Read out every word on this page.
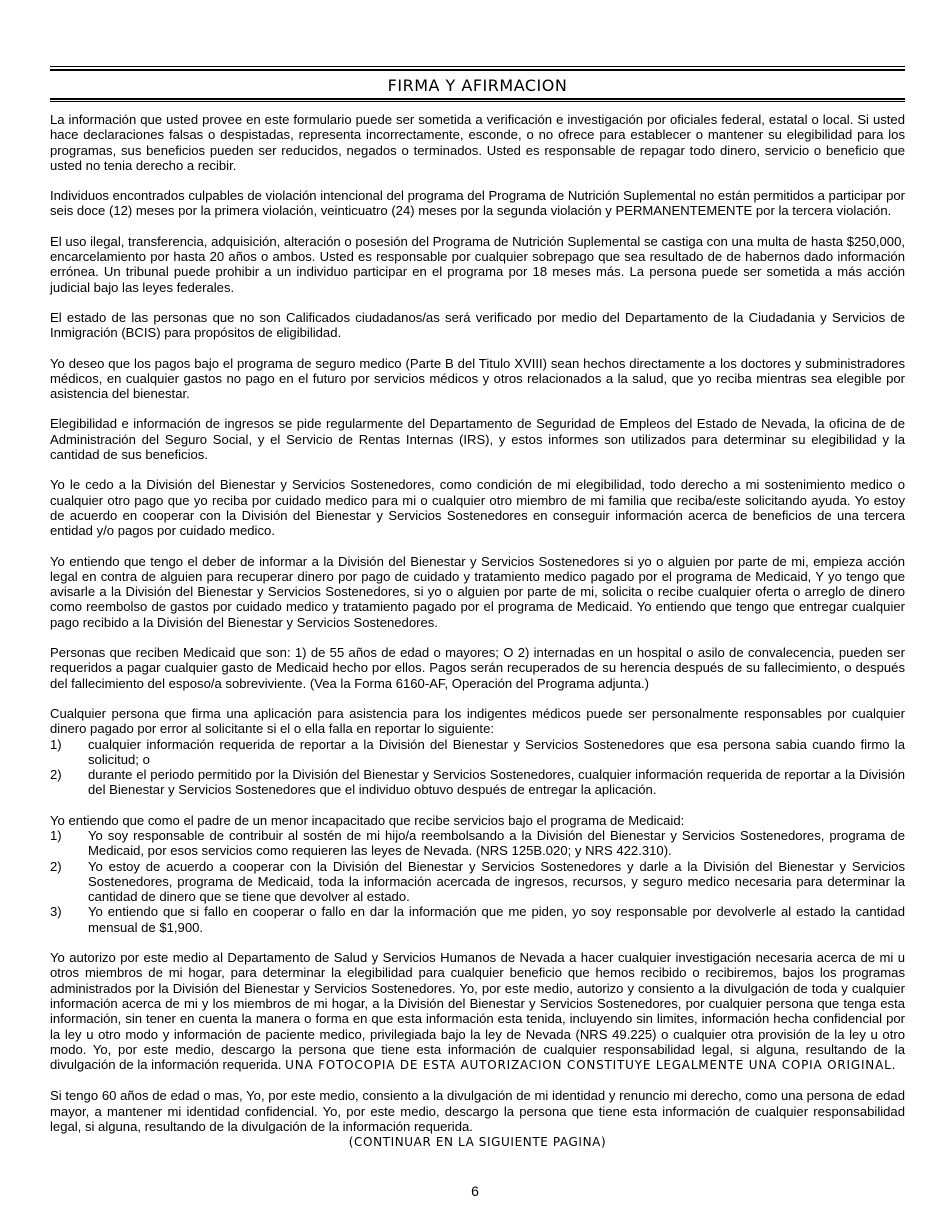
FIRMA Y AFIRMACION

La información que usted provee en este formulario puede ser sometida a verificación e investigación por oficiales federal, estatal o local. Si usted hace declaraciones falsas o despistadas, representa incorrectamente, esconde, o no ofrece para establecer o mantener su elegibilidad para los programas, sus beneficios pueden ser reducidos, negados o terminados. Usted es responsable de repagar todo dinero, servicio o beneficio que usted no tenia derecho a recibir.

Individuos encontrados culpables de violación intencional del programa del Programa de Nutrición Suplemental no están permitidos a participar por seis doce (12) meses por la primera violación, veinticuatro (24) meses por la segunda violación y PERMANENTEMENTE por la tercera violación.

El uso ilegal, transferencia, adquisición, alteración o posesión del Programa de Nutrición Suplemental se castiga con una multa de hasta $250,000, encarcelamiento por hasta 20 años o ambos. Usted es responsable por cualquier sobrepago que sea resultado de de habernos dado información errónea. Un tribunal puede prohibir a un individuo participar en el programa por 18 meses más. La persona puede ser sometida a más acción judicial bajo las leyes federales.

El estado de las personas que no son Calificados ciudadanos/as será verificado por medio del Departamento de la Ciudadania y Servicios de Inmigración (BCIS) para propósitos de eligibilidad.

Yo deseo que los pagos bajo el programa de seguro medico (Parte B del Titulo XVIII) sean hechos directamente a los doctores y subministradores médicos, en cualquier gastos no pago en el futuro por servicios médicos y otros relacionados a la salud, que yo reciba mientras sea elegible por asistencia del bienestar.

Elegibilidad e información de ingresos se pide regularmente del Departamento de Seguridad de Empleos del Estado de Nevada, la oficina de de Administración del Seguro Social, y el Servicio de Rentas Internas (IRS), y estos informes son utilizados para determinar su elegibilidad y la cantidad de sus beneficios.

Yo le cedo a la División del Bienestar y Servicios Sostenedores, como condición de mi elegibilidad, todo derecho a mi sostenimiento medico o cualquier otro pago que yo reciba por cuidado medico para mi o cualquier otro miembro de mi familia que reciba/este solicitando ayuda. Yo estoy de acuerdo en cooperar con la División del Bienestar y Servicios Sostenedores en conseguir información acerca de beneficios de una tercera entidad y/o pagos por cuidado medico.

Yo entiendo que tengo el deber de informar a la División del Bienestar y Servicios Sostenedores si yo o alguien por parte de mi, empieza acción legal en contra de alguien para recuperar dinero por pago de cuidado y tratamiento medico pagado por el programa de Medicaid, Y yo tengo que avisarle a la División del Bienestar y Servicios Sostenedores, si yo o alguien por parte de mi, solicita o recibe cualquier oferta o arreglo de dinero como reembolso de gastos por cuidado medico y tratamiento pagado por el programa de Medicaid. Yo entiendo que tengo que entregar cualquier pago recibido a la División del Bienestar y Servicios Sostenedores.

Personas que reciben Medicaid que son: 1) de 55 años de edad o mayores; O 2) internadas en un hospital o asilo de convalecencia, pueden ser requeridos a pagar cualquier gasto de Medicaid hecho por ellos. Pagos serán recuperados de su herencia después de su fallecimiento, o después del fallecimiento del esposo/a sobreviviente. (Vea la Forma 6160-AF, Operación del Programa adjunta.)

Cualquier persona que firma una aplicación para asistencia para los indigentes médicos puede ser personalmente responsables por cualquier dinero pagado por error al solicitante si el o ella falla en reportar lo siguiente:

1)	cualquier información requerida de reportar a la División del Bienestar y Servicios Sostenedores que esa persona sabia cuando firmo la solicitud; o
2)	durante el periodo permitido por la División del Bienestar y Servicios Sostenedores, cualquier información requerida de reportar a la División del Bienestar y Servicios Sostenedores que el individuo obtuvo después de entregar la aplicación.

Yo entiendo que como el padre de un menor incapacitado que recibe servicios bajo el programa de Medicaid:

1)	Yo soy responsable de contribuir al sostén de mi hijo/a reembolsando a la División del Bienestar y Servicios Sostenedores, programa de Medicaid, por esos servicios como requieren las leyes de Nevada. (NRS 125B.020; y NRS 422.310).
2)	Yo estoy de acuerdo a cooperar con la División del Bienestar y Servicios Sostenedores y darle a la División del Bienestar y Servicios Sostenedores, programa de Medicaid, toda la información acercada de ingresos, recursos, y seguro medico necesaria para determinar la cantidad de dinero que se tiene que devolver al estado.
3)	Yo entiendo que si fallo en cooperar o fallo en dar la información que me piden, yo soy responsable por devolverle al estado la cantidad mensual de $1,900.

Yo autorizo por este medio al Departamento de Salud y Servicios Humanos de Nevada a hacer cualquier investigación necesaria acerca de mi u otros miembros de mi hogar, para determinar la elegibilidad para cualquier beneficio que hemos recibido o recibiremos, bajos los programas administrados por la División del Bienestar y Servicios Sostenedores. Yo, por este medio, autorizo y consiento a la divulgación de toda y cualquier información acerca de mi y los miembros de mi hogar, a la División del Bienestar y Servicios Sostenedores, por cualquier persona que tenga esta información, sin tener en cuenta la manera o forma en que esta información esta tenida, incluyendo sin limites, información hecha confidencial por la ley u otro modo y información de paciente medico, privilegiada bajo la ley de Nevada (NRS 49.225) o cualquier otra provisión de la ley u otro modo. Yo, por este medio, descargo la persona que tiene esta información de cualquier responsabilidad legal, si alguna, resultando de la divulgación de la información requerida. UNA FOTOCOPIA DE ESTA AUTORIZACION CONSTITUYE LEGALMENTE UNA COPIA ORIGINAL.

Si tengo 60 años de edad o mas, Yo, por este medio, consiento a la divulgación de mi identidad y renuncio mi derecho, como una persona de edad mayor, a mantener mi identidad confidencial. Yo, por este medio, descargo la persona que tiene esta información de cualquier responsabilidad legal, si alguna, resultando de la divulgación de la información requerida.

(CONTINUAR EN LA SIGUIENTE PAGINA)
6
